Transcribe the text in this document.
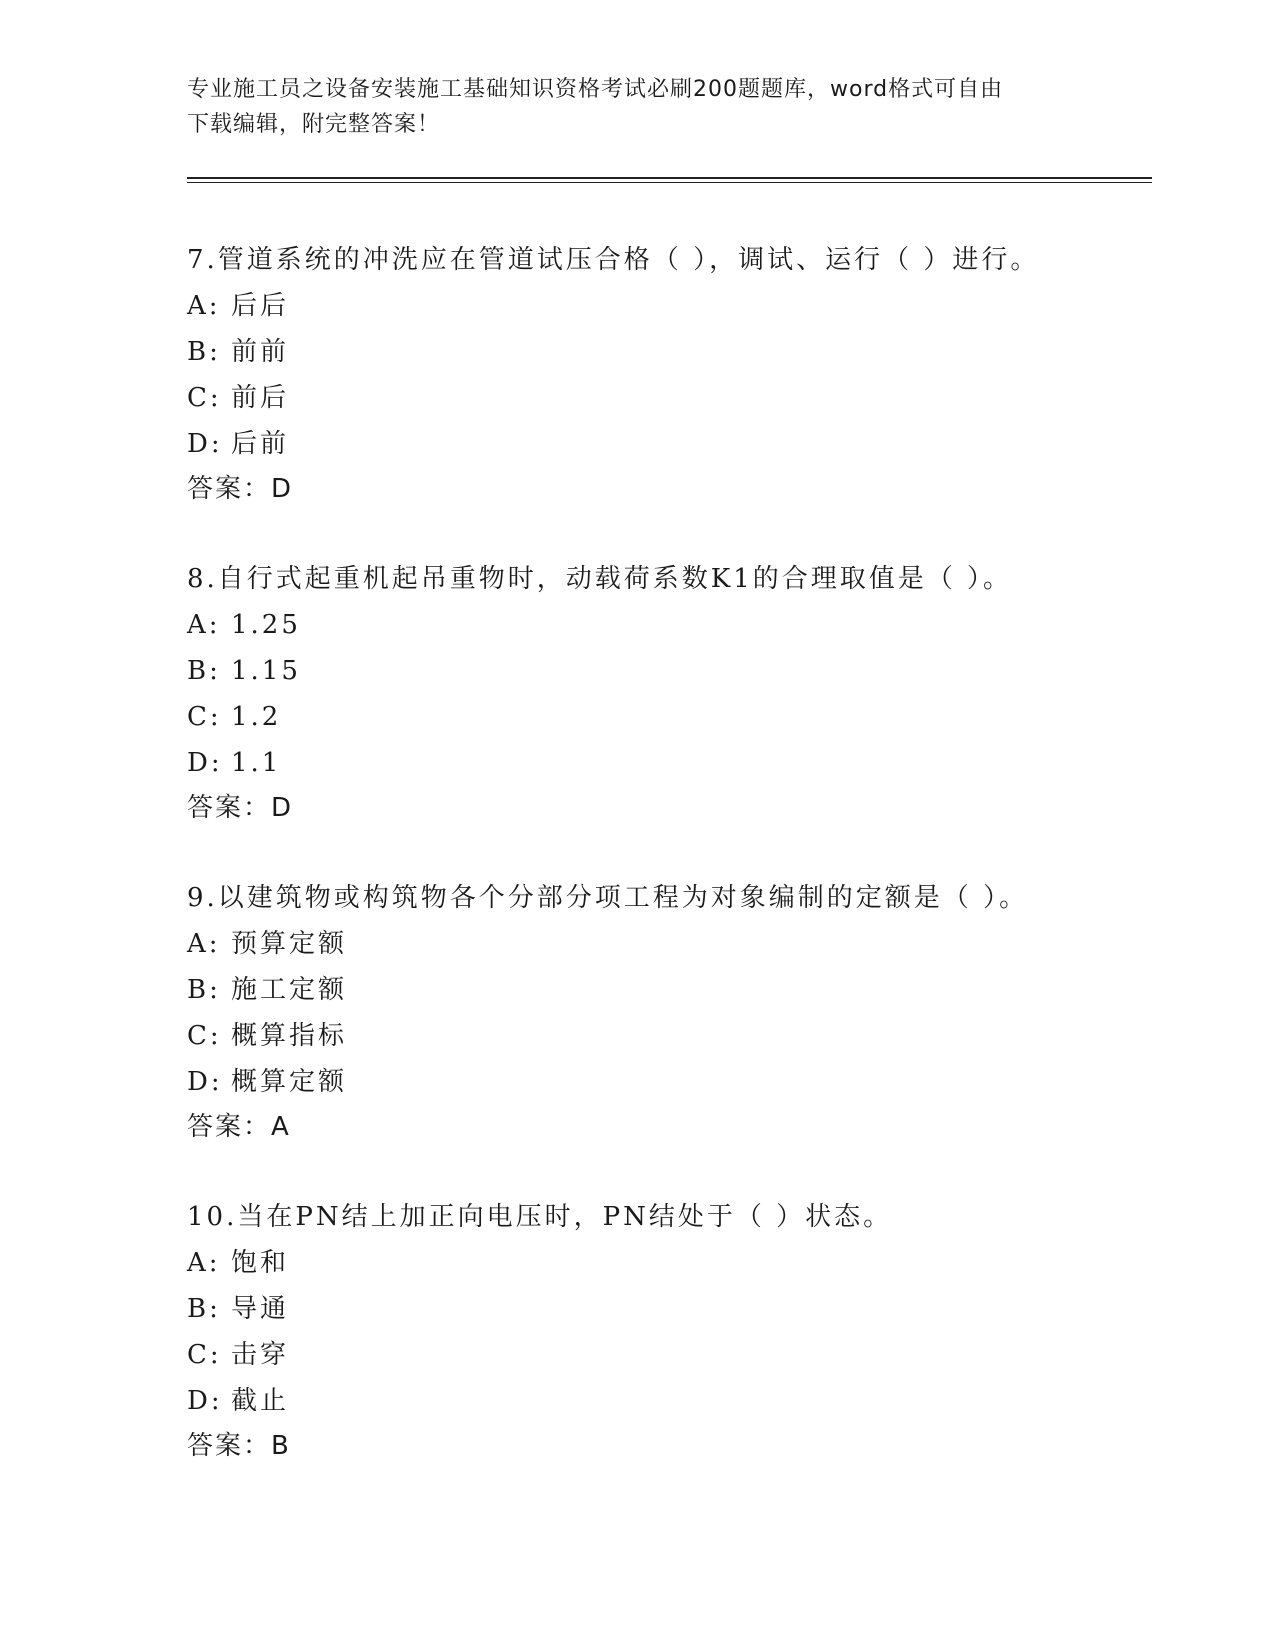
专业施工员之设备安装施工基础知识资格考试必刷200题题库，word格式可自由
下载编辑，附完整答案！
7.管道系统的冲洗应在管道试压合格（ ），调试、运行（ ）进行。
A: 后后
B: 前前
C: 前后
D: 后前
答案：D
8.自行式起重机起吊重物时，动载荷系数K1的合理取值是（ ）。
A: 1.25
B: 1.15
C: 1.2
D: 1.1
答案：D
9.以建筑物或构筑物各个分部分项工程为对象编制的定额是（ ）。
A: 预算定额
B: 施工定额
C: 概算指标
D: 概算定额
答案：A
10.当在PN结上加正向电压时，PN结处于（ ）状态。
A: 饱和
B: 导通
C: 击穿
D: 截止
答案：B
